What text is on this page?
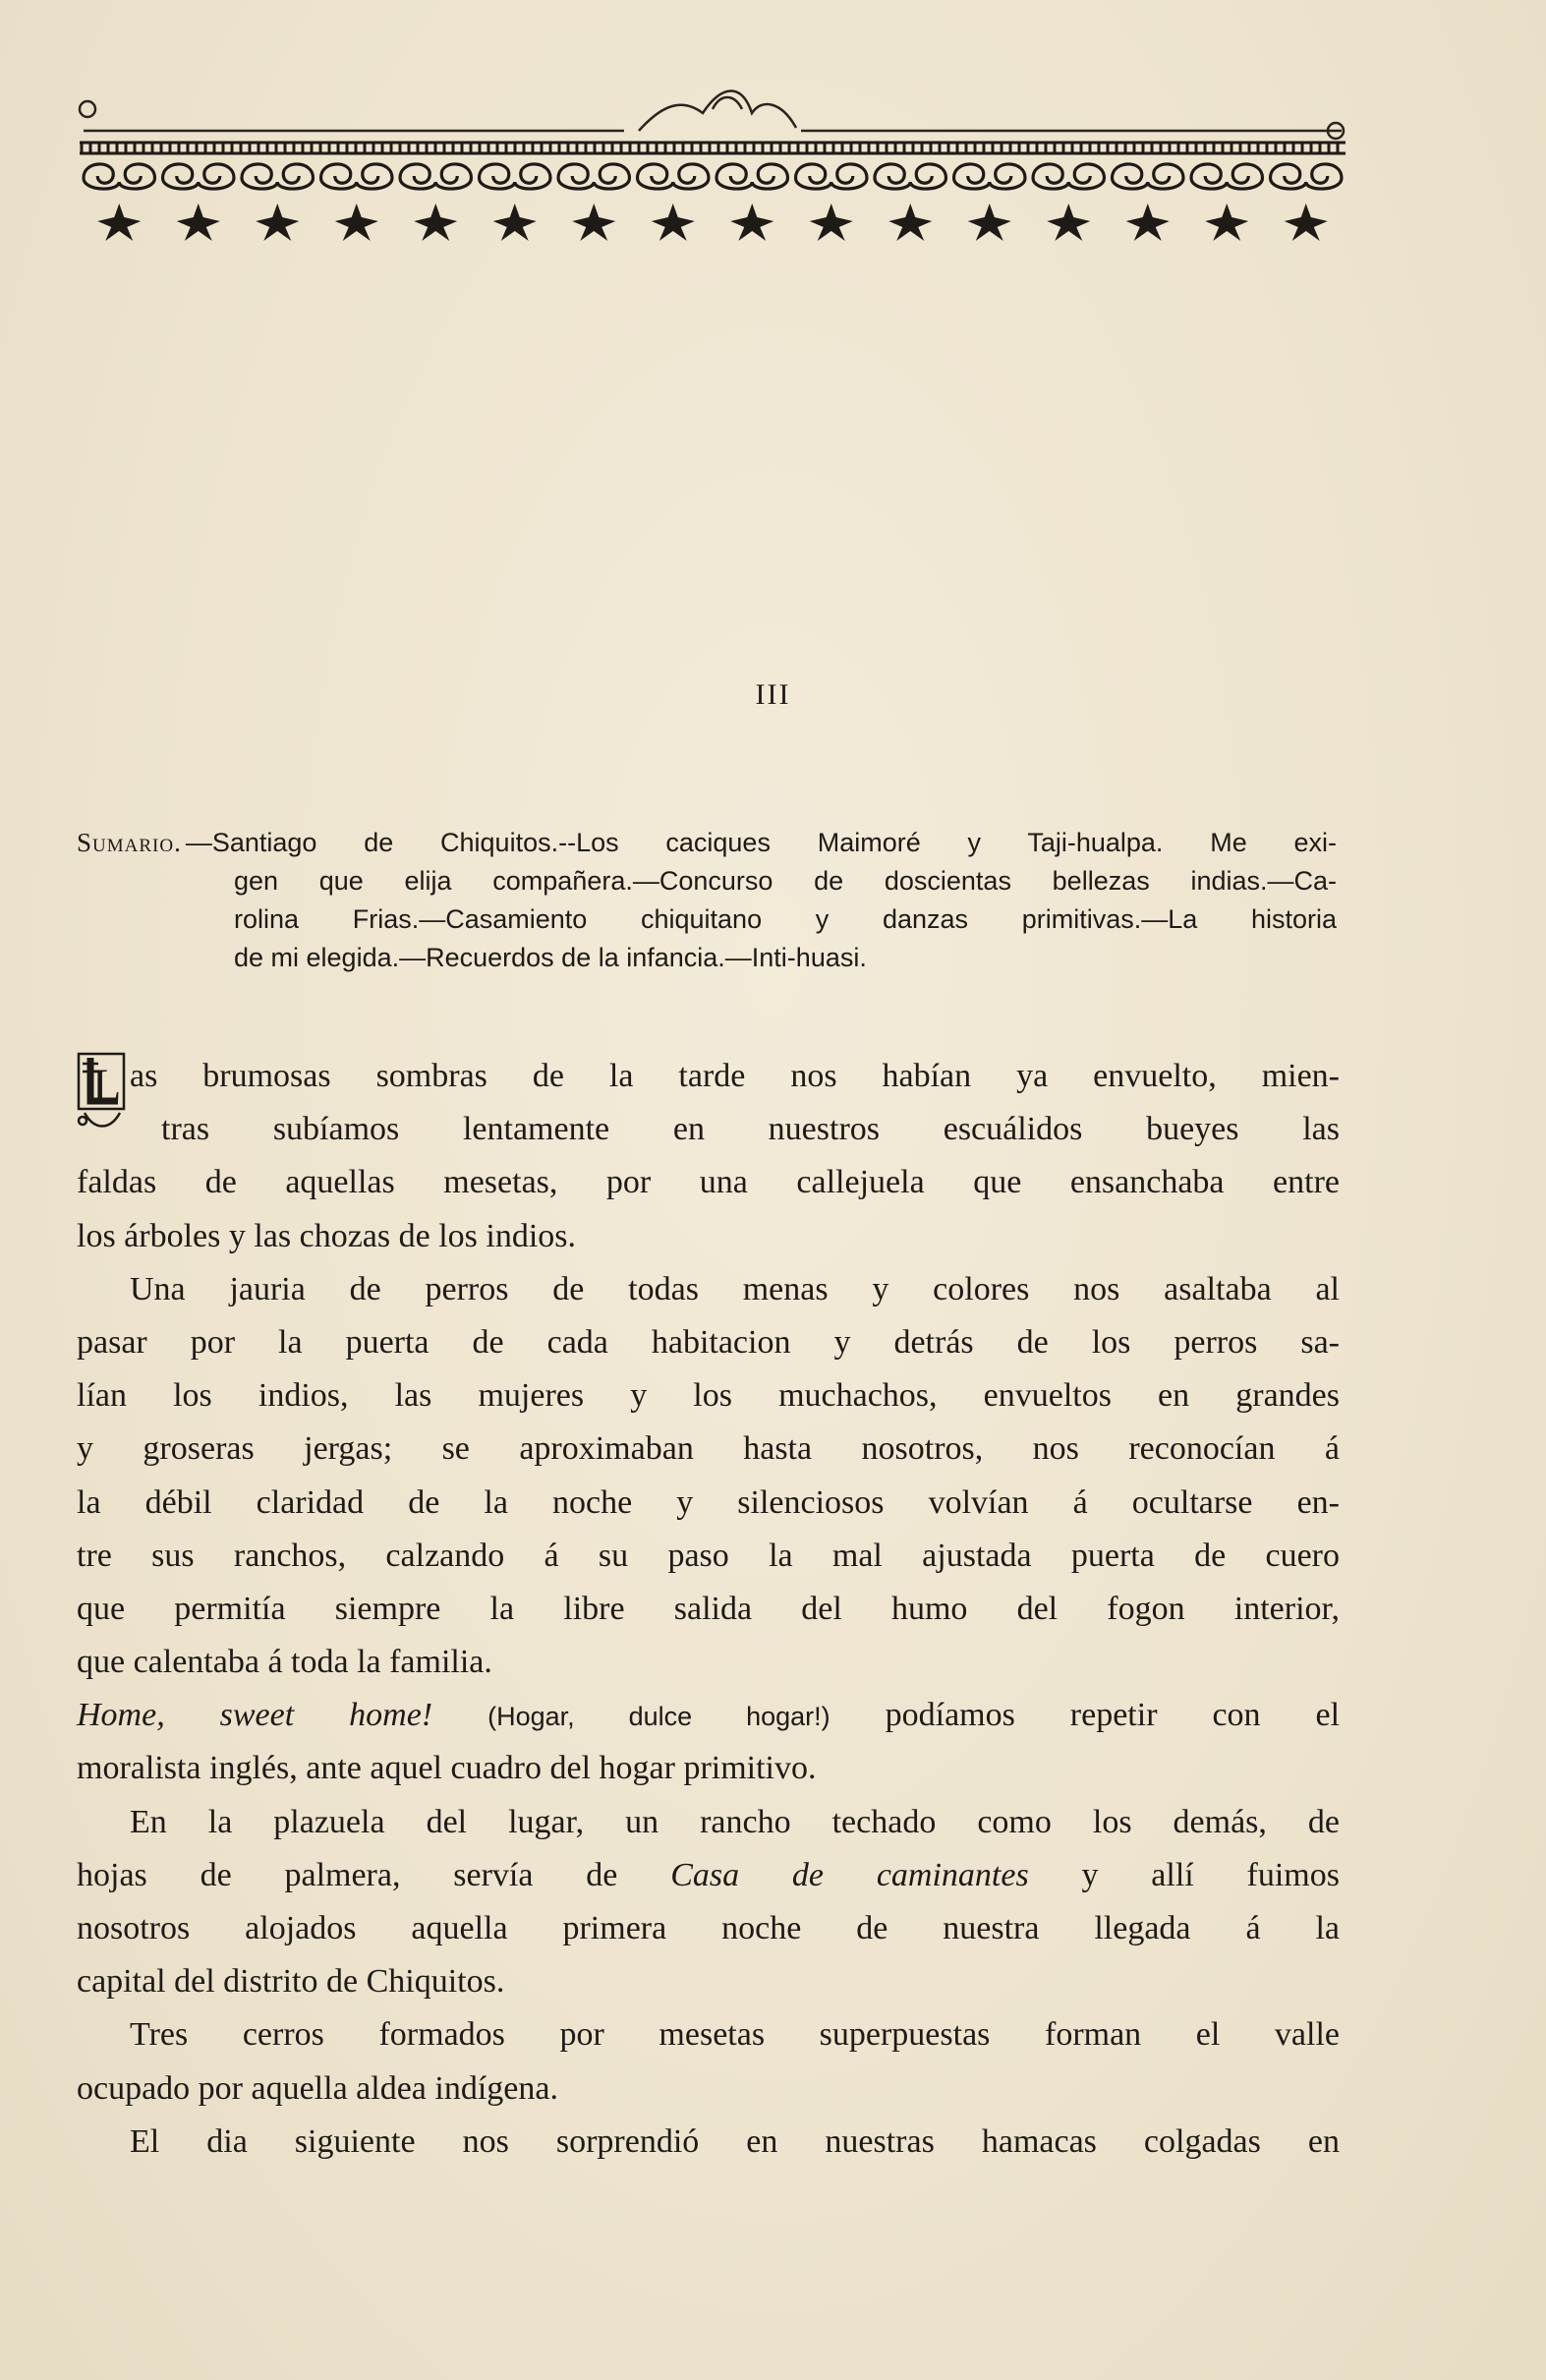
III
Sumario. —Santiago de Chiquitos.--Los caciques Maimoré y Taji-hualpa. Me exi-
gen que elija compañera.—Concurso de doscientas bellezas indias.—Ca-
rolina Frias.—Casamiento chiquitano y danzas primitivas.—La historia
de mi elegida.—Recuerdos de la infancia.—Inti-huasi.
L as brumosas sombras de la tarde nos habían ya envuelto, mien-
tras subíamos lentamente en nuestros escuálidos bueyes las
faldas de aquellas mesetas, por una callejuela que ensanchaba entre
los árboles y las chozas de los indios.
Una jauria de perros de todas menas y colores nos asaltaba al
pasar por la puerta de cada habitacion y detrás de los perros sa-
lían los indios, las mujeres y los muchachos, envueltos en grandes
y groseras jergas; se aproximaban hasta nosotros, nos reconocían á
la débil claridad de la noche y silenciosos volvían á ocultarse en-
tre sus ranchos, calzando á su paso la mal ajustada puerta de cuero
que permitía siempre la libre salida del humo del fogon interior,
que calentaba á toda la familia.
Home, sweet home! (Hogar, dulce hogar!) podíamos repetir con el
moralista inglés, ante aquel cuadro del hogar primitivo.
En la plazuela del lugar, un rancho techado como los demás, de
hojas de palmera, servía de Casa de caminantes y allí fuimos
nosotros alojados aquella primera noche de nuestra llegada á la
capital del distrito de Chiquitos.
Tres cerros formados por mesetas superpuestas forman el valle
ocupado por aquella aldea indígena.
El dia siguiente nos sorprendió en nuestras hamacas colgadas en
